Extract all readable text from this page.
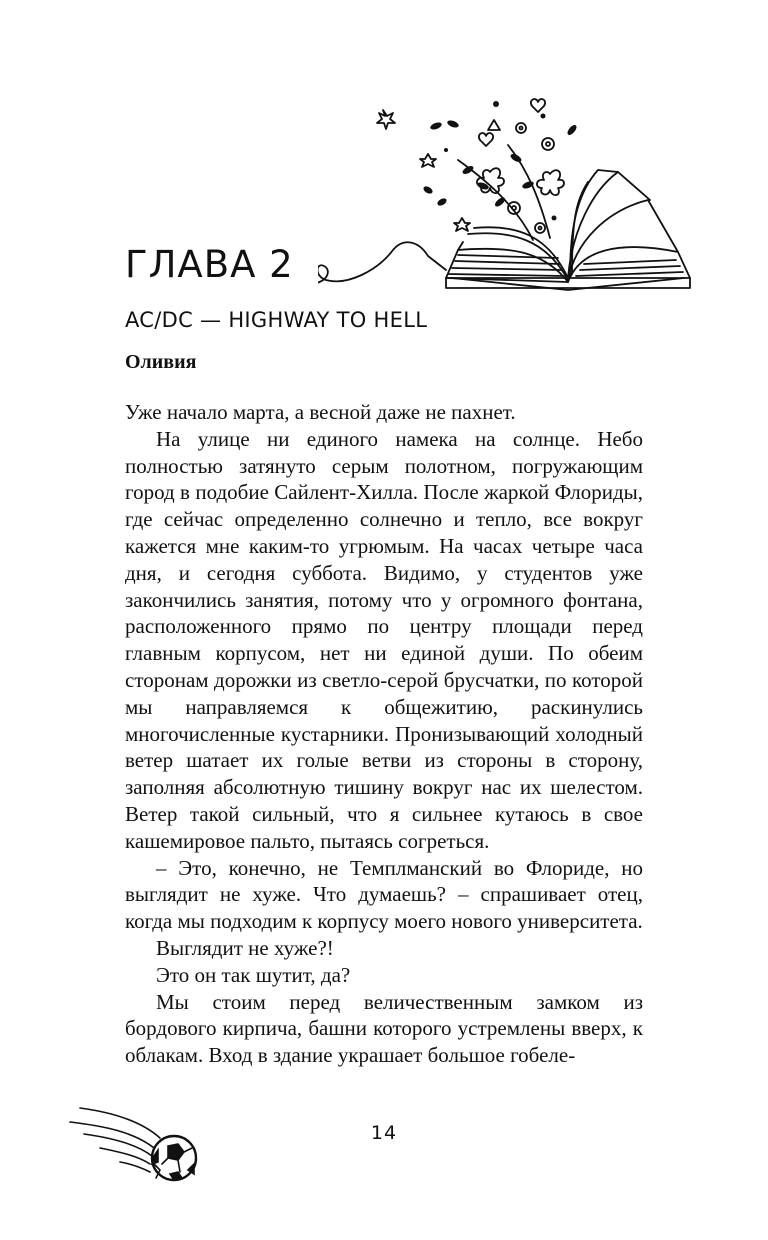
ГЛАВА 2

AC/DC — HIGHWAY TO HELL

Оливия

Уже начало марта, а весной даже не пахнет.

На улице ни единого намека на солнце. Небо полностью затянуто серым полотном, погружающим город в подобие Сайлент-Хилла. После жаркой Флориды, где сейчас определенно солнечно и тепло, все вокруг кажется мне каким-то угрюмым. На часах четыре часа дня, и сегодня суббота. Видимо, у студентов уже закончились занятия, потому что у огромного фонтана, расположенного прямо по центру площади перед главным корпусом, нет ни единой души. По обеим сторонам дорожки из светло-серой брусчатки, по которой мы направляемся к общежитию, раскинулись многочисленные кустарники. Пронизывающий холодный ветер шатает их голые ветви из стороны в сторону, заполняя абсолютную тишину вокруг нас их шелестом. Ветер такой сильный, что я сильнее кутаюсь в свое кашемировое пальто, пытаясь согреться.

– Это, конечно, не Темплманский во Флориде, но выглядит не хуже. Что думаешь? – спрашивает отец, когда мы подходим к корпусу моего нового университета.

Выглядит не хуже?!

Это он так шутит, да?

Мы стоим перед величественным замком из бордового кирпича, башни которого устремлены вверх, к облакам. Вход в здание украшает большое гобеле-

14
